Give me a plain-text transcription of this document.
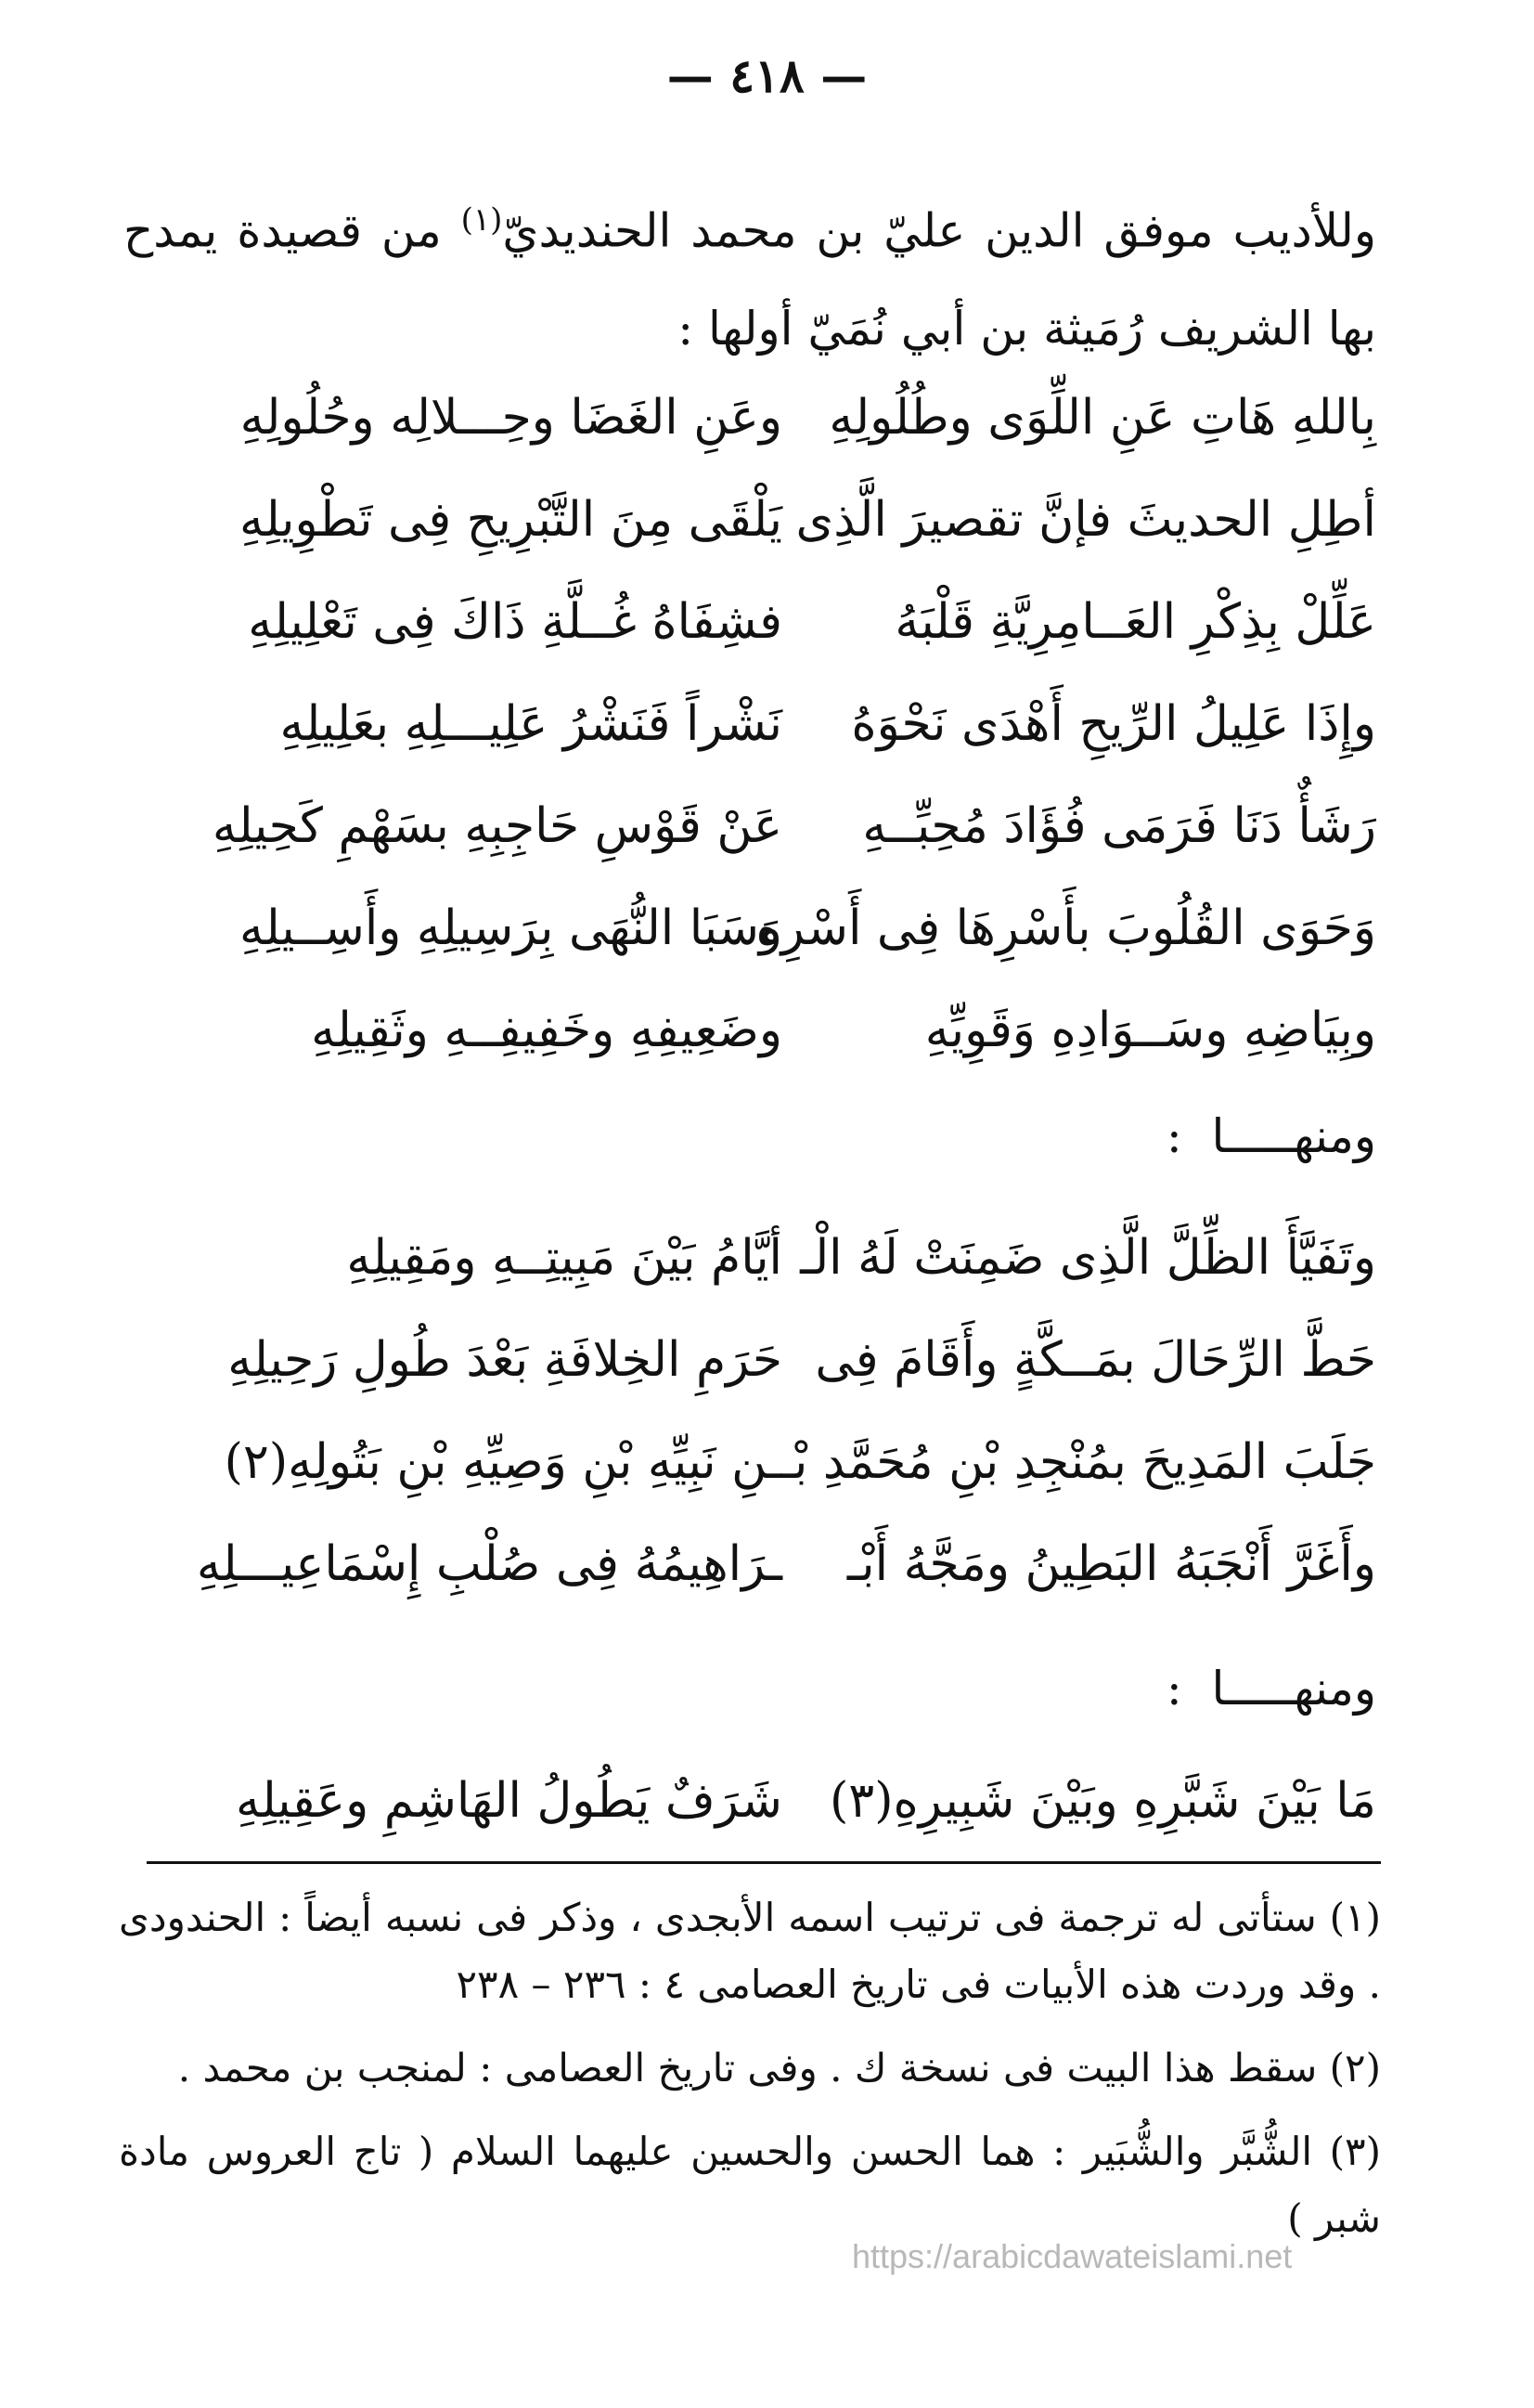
— ٤١٨ —
وللأديب موفق الدين عليّ بن محمد الحنديديّ$^{(١)}$ من قصيدة يمدح بها الشريف رُمَيثة بن أبي نُمَيّ أولها :
بِاللهِ هَاتِ عَنِ اللِّوَى وطُلُولِهِ
وعَنِ الغَضَا وحِـــلالِه وحُلُولِهِ
أطِلِ الحديثَ فإنَّ تقصيرَ الَّذِى
يَلْقَى مِنَ التَّبْرِيحِ فِى تَطْوِيلِهِ
عَلِّلْ بِذِكْرِ العَــامِرِيَّةِ قَلْبَهُ
فشِفَاهُ غُــلَّةِ ذَاكَ فِى تَعْلِيلِهِ
وإِذَا عَلِيلُ الرِّيحِ أَهْدَى نَحْوَهُ
نَشْراً فَنَشْرُ عَلِيـــلِهِ بعَلِيلِهِ
رَشَأٌ دَنَا فَرَمَى فُؤَادَ مُحِبِّــهِ
عَنْ قَوْسِ حَاجِبِهِ بسَهْمِ كَحِيلِهِ
وَحَوَى القُلُوبَ بأَسْرِهَا فِى أَسْرِهِ
وَسَبَا النُّهَى بِرَسِيلِهِ وأَسِــيلِهِ
وبِيَاضِهِ وسَــوَادِهِ وَقَوِيِّهِ
وضَعِيفِهِ وخَفِيفِــهِ وثَقِيلِهِ
ومنهـــــا  :
وتَفَيَّأَ الظِّلَّ الَّذِى ضَمِنَتْ لَهُ الْـ
أيَّامُ بَيْنَ مَبِيتِــهِ ومَقِيلِهِ
حَطَّ الرِّحَالَ بمَــكَّةٍ وأَقَامَ فِى
حَرَمِ الخِلافَةِ بَعْدَ طُولِ رَحِيلِهِ
جَلَبَ المَدِيحَ بمُنْجِدِ بْنِ مُحَمَّدِ بْـ
ـنِ نَبِيِّهِ بْنِ وَصِيِّهِ بْنِ بَتُولِهِ(٢)
وأَغَرَّ أَنْجَبَهُ البَطِينُ ومَجَّهُ أَبْـ
ـرَاهِيمُهُ فِى صُلْبِ إِسْمَاعِيـــلِهِ
ومنهـــــا  :
مَا بَيْنَ شَبَّرِهِ وبَيْنَ شَبِيرِهِ(٣)
شَرَفٌ يَطُولُ الهَاشِمِ وعَقِيلِهِ

(١) ستأتى له ترجمة فى ترتيب اسمه الأبجدى ، وذكر فى نسبه أيضاً : الحندودى . وقد وردت هذه الأبيات فى تاريخ العصامى ٤ : ٢٣٦ – ٢٣٨

(٢) سقط هذا البيت فى نسخة ك . وفى تاريخ العصامى : لمنجب بن محمد .

(٣) الشُّبَّر والشُّبَير : هما الحسن والحسين عليهما السلام ( تاج العروس مادة شبر )

https://arabicdawateislami.net
